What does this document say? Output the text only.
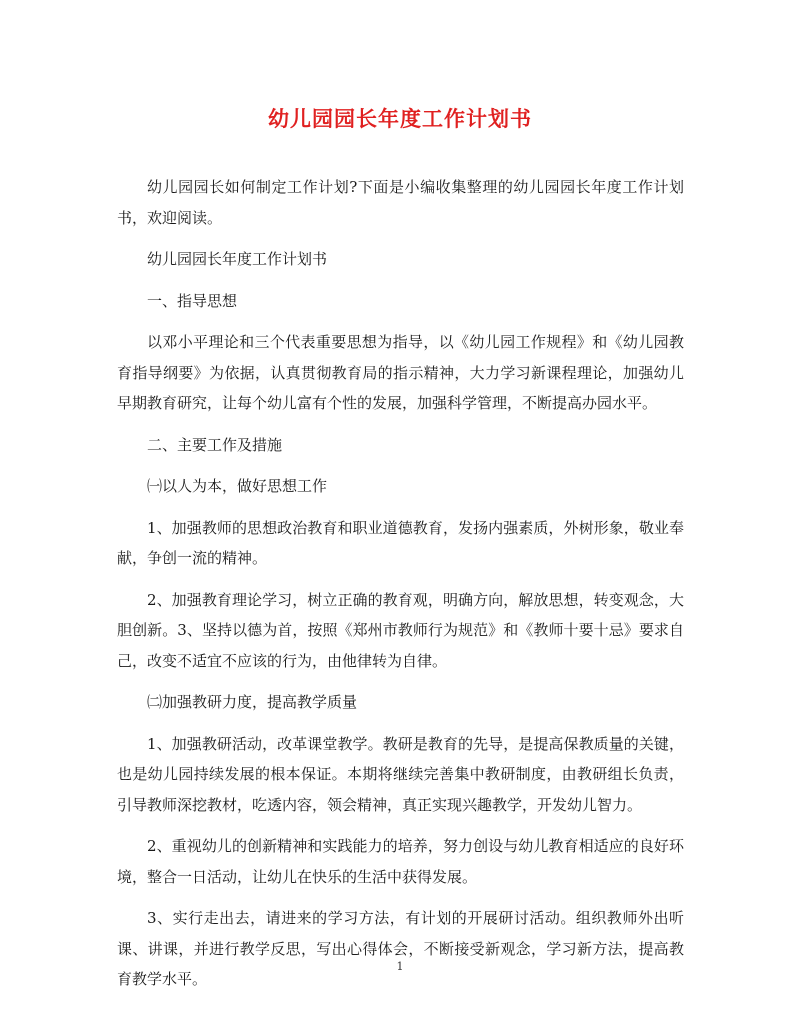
幼儿园园长年度工作计划书

幼儿园园长如何制定工作计划?下面是小编收集整理的幼儿园园长年度工作计划书，欢迎阅读。

幼儿园园长年度工作计划书

一、指导思想

以邓小平理论和三个代表重要思想为指导，以《幼儿园工作规程》和《幼儿园教育指导纲要》为依据，认真贯彻教育局的指示精神，大力学习新课程理论，加强幼儿早期教育研究，让每个幼儿富有个性的发展，加强科学管理，不断提高办园水平。

二、主要工作及措施

㈠以人为本，做好思想工作

1、加强教师的思想政治教育和职业道德教育，发扬内强素质，外树形象，敬业奉献，争创一流的精神。

2、加强教育理论学习，树立正确的教育观，明确方向，解放思想，转变观念，大胆创新。3、坚持以德为首，按照《郑州市教师行为规范》和《教师十要十忌》要求自己，改变不适宜不应该的行为，由他律转为自律。

㈡加强教研力度，提高教学质量

1、加强教研活动，改革课堂教学。教研是教育的先导，是提高保教质量的关键，也是幼儿园持续发展的根本保证。本期将继续完善集中教研制度，由教研组长负责，引导教师深挖教材，吃透内容，领会精神，真正实现兴趣教学，开发幼儿智力。

2、重视幼儿的创新精神和实践能力的培养，努力创设与幼儿教育相适应的良好环境，整合一日活动，让幼儿在快乐的生活中获得发展。

3、实行走出去，请进来的学习方法，有计划的开展研讨活动。组织教师外出听课、讲课，并进行教学反思，写出心得体会，不断接受新观念，学习新方法，提高教育教学水平。

1
